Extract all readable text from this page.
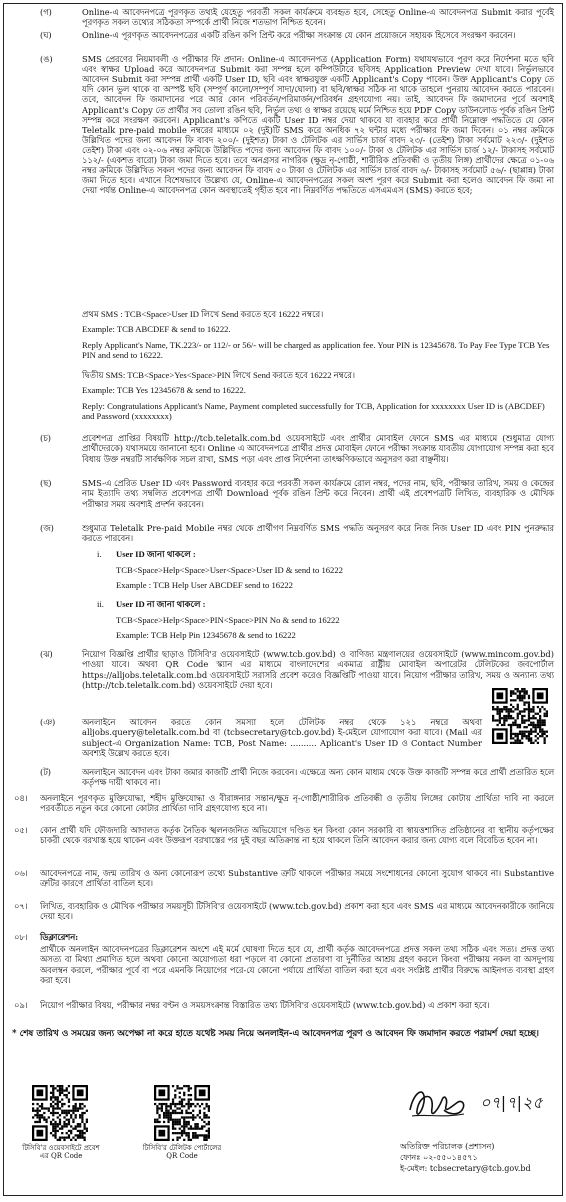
(গ)	Online-এ আবেদনপত্রে পূরণকৃত তথ্যই যেহেতু পরবর্তী সকল কার্যক্রমে ব্যবহৃত হবে, সেহেতু Online-এ আবেদনপত্র Submit করার পূর্বেই পূরণকৃত সকল তথ্যের সঠিকতা সম্পর্কে প্রার্থী নিজে শতভাগ নিশ্চিত হবেন।
(ঘ)	Online-এ পূরণকৃত আবেদনপত্রের একটি রঙিন কপি প্রিন্ট করে পরীক্ষা সংক্রান্ত যে কোন প্রয়োজনে সহায়ক হিসেবে সংরক্ষণ করবেন।
(ঙ)	SMS প্রেরণের নিয়মাবলী ও পরীক্ষার ফি প্রদান: Online-এ আবেদনপত্র (Application Form) যথাযথভাবে পূরণ করে নির্দেশনা মতে ছবি এবং স্বাক্ষর Upload করে আবেদনপত্র Submit করা সম্পন্ন হলে কম্পিউটারে ছবিসহ Application Preview দেখা যাবে। নির্ভুলভাবে আবেদন Submit করা সম্পন্ন প্রার্থী একটি User ID, ছবি এবং স্বাক্ষরযুক্ত একটি Applicant's Copy পাবেন। উক্ত Applicant's Copy তে যদি কোন ভুল থাকে বা অস্পষ্ট ছবি (সম্পূর্ণ কালো/সম্পূর্ণ সাদা/ঘোলা) বা ছবি/স্বাক্ষর সঠিক না থাকে তাহলে পুনরায় আবেদন করতে পারবেন। তবে, আবেদন ফি জমাদানের পরে আর কোন পরিবর্তন/পরিমার্জন/পরিবর্ধন গ্রহণযোগ্য নয়। তাই, আবেদন ফি জমাদানের পূর্বে অবশ্যই Applicant's Copy তে প্রার্থীর সব তোলা রঙিন ছবি, নির্ভুল তথ্য ও স্বাক্ষর রয়েছে মর্মে নিশ্চিত হয়ে PDF Copy ডাউনলোড পূর্বক রঙিন প্রিন্ট সম্পন্ন করে সংরক্ষণ করবেন। Applicant's কপিতে একটি User ID নম্বর দেয়া থাকবে যা ব্যবহার করে প্রার্থী নিম্নোক্ত পদ্ধতিতে যে কোন Teletalk pre-paid mobile নম্বরের মাধ্যমে ০২ (দুই)টি SMS করে অনধিক ৭২ ঘন্টার মধ্যে পরীক্ষার ফি জমা দিবেন। ০১ নম্বর ক্রমিকে উল্লিখিত পদের জন্য আবেদন ফি বাবদ ২০০/- (দুইশত) টাকা ও টেলিটক এর সার্ভিস চার্জ বাবদ ২৩/- (তেইশ) টাকা সর্বমোট ২২৩/- (দুইশত তেইশ) টাকা এবং ০২-০৬ নম্বর ক্রমিকে উল্লিখিত পদের জন্য আবেদন ফি বাবদ ১০০/- টাকা ও টেলিটক এর সার্ভিস চার্জ ১২/- টাকাসহ সর্বমোট ১১২/- (একশত বারো) টাকা জমা দিতে হবে। তবে অনগ্রসর নাগরিক (ক্ষুদ্র নৃ-গোষ্ঠী, শারীরিক প্রতিবন্ধী ও তৃতীয় লিঙ্গ) প্রার্থীদের ক্ষেত্রে ০১-০৬ নম্বর ক্রমিকে উল্লিখিত সকল পদের জন্য আবেদন ফি বাবদ ৫০ টাকা ও টেলিটক এর সার্ভিস চার্জ বাবদ ৬/- টাকাসহ সর্বমোট ৫৬/- (ছাপ্পান্ন) টাকা জমা দিতে হবে। এখানে বিশেষভাবে উল্লেখ্য যে, Online-এ আবেদনপত্রের সকল অংশ পূরণ করে Submit করা হলেও আবেদন ফি জমা না দেয়া পর্যন্ত Online-এ আবেদনপত্র কোন অবস্থাতেই গৃহীত হবে না। নিম্নবর্ণিত পদ্ধতিতে এসএমএস (SMS) করতে হবে;
প্রথম SMS : TCB<Space>User ID লিখে Send করতে হবে 16222 নম্বরে।
Example: TCB ABCDEF & send to 16222.
Reply Applicant's Name, TK.223/- or 112/- or 56/- will be charged as application fee. Your PIN is 12345678. To Pay Fee Type TCB Yes PIN and send to 16222.
দ্বিতীয় SMS: TCB<Space>Yes<Space>PIN লিখে Send করতে হবে 16222 নম্বরে।
Example: TCB Yes 12345678 & send to 16222.
Reply: Congratulations Applicant's Name, Payment completed successfully for TCB, Application for xxxxxxxx User ID is (ABCDEF) and Password (xxxxxxxx)
(চ)	প্রবেশপত্র প্রাপ্তির বিষয়টি http://tcb.teletalk.com.bd ওয়েবসাইটে এবং প্রার্থীর মোবাইল ফোনে SMS এর মাধ্যমে (শুধুমাত্র যোগ্য প্রার্থীদেরকে) যথাসময়ে জানানো হবে। Online এ আবেদনপত্রে প্রার্থীর প্রদত্ত মোবাইল ফোনে পরীক্ষা সংক্রান্ত যাবতীয় যোগাযোগ সম্পন্ন করা হবে বিধায় উক্ত নম্বরটি সার্বক্ষণিক সচল রাখা, SMS পড়া এবং প্রাপ্ত নির্দেশনা তাৎক্ষণিকভাবে অনুসরণ করা বাঞ্ছনীয়।
(ছ)	SMS-এ প্রেরিত User ID এবং Password ব্যবহার করে পরবর্তী সকল কার্যক্রমে রোল নম্বর, পদের নাম, ছবি, পরীক্ষার তারিখ, সময় ও কেন্দ্রের নাম ইত্যাদি তথ্য সম্বলিত প্রবেশপত্র প্রার্থী Download পূর্বক রঙিন প্রিন্ট করে নিবেন। প্রার্থী এই প্রবেশপত্রটি লিখিত, ব্যবহারিক ও মৌখিক পরীক্ষার সময় অবশ্যই প্রদর্শন করবেন।
(জ)	শুধুমাত্র Teletalk Pre-paid Mobile নম্বর থেকে প্রার্থীগণ নিম্নবর্ণিত SMS পদ্ধতি অনুসরণ করে নিজ নিজ User ID এবং PIN পুনরুদ্ধার করতে পারবেন।
i. User ID জানা থাকলে :
TCB<Space>Help<Space>User<Space>User ID & send to 16222
Example : TCB Help User ABCDEF send to 16222
ii. User ID না জানা থাকলে :
TCB<Space>Help<Space>PIN<Space>PIN No & send to 16222
Example: TCB Help Pin 12345678 & send to 16222
(ঝ)	নিয়োগ বিজ্ঞপ্তি প্রার্থীর ছাড়াও টিসিবি'র ওয়েবসাইটে (www.tcb.gov.bd) ও বাণিজ্য মন্ত্রণালয়ের ওয়েবসাইটে (www.mincom.gov.bd) পাওয়া যাবে। অথবা QR Code স্ক্যান এর মাধ্যমে বাংলাদেশের একমাত্র রাষ্ট্রীয় মোবাইল অপারেটর টেলিটকের জবপোর্টাল https://alljobs.teletalk.com.bd ওয়েবসাইটে সরাসরি প্রবেশ করেও বিজ্ঞপ্তিটি পাওয়া যাবে। নিয়োগ পরীক্ষার তারিখ, সময় ও অন্যান্য তথ্য (http://tcb.teletalk.com.bd) ওয়েবসাইটে দেয়া হবে।
(ঞ)	অনলাইনে আবেদন করতে কোন সমস্যা হলে টেলিটক নম্বর থেকে ১২১ নম্বরে অথবা alljobs.query@teletalk.com.bd বা (tcbsecretary@tcb.gov.bd) ই-মেইলে যোগাযোগ করা যাবে। (Mail এর subject-এ Organization Name: TCB, Post Name: .......... Aplicant's User ID ও Contact Number অবশ্যই উল্লেখ করতে হবে।
(ট)	অনলাইনে আবেদন এবং টাকা জমার কাজটি প্রার্থী নিজে করবেন। এক্ষেত্রে অন্য কোন মাধ্যম থেকে উক্ত কাজটি সম্পন্ন করে প্রার্থী প্রতারিত হলে কর্তৃপক্ষ দায়ী থাকবে না।
০৪। অনলাইনে পূরণকৃত মুক্তিযোদ্ধা, শহীদ মুক্তিযোদ্ধা ও বীরাঙ্গনার সন্তান/ক্ষুদ্র নৃ-গোষ্ঠী/শারীরিক প্রতিবন্ধী ও তৃতীয় লিঙ্গের কোটায় প্রার্থিতা দাবি না করলে পরবর্তীতে নতুন করে কোনো কোটার প্রার্থিতা দাবি গ্রহণযোগ্য হবে না।
০৫। কোন প্রার্থী যদি ফৌজদারি আদালত কর্তৃক নৈতিক স্খলনজনিত অভিযোগে দণ্ডিত হন কিংবা কোন সরকারি বা স্বায়ত্তশাসিত প্রতিষ্ঠানের বা স্থানীয় কর্তৃপক্ষের চাকরী থেকে বরখাস্ত হয়ে থাকেন এবং উক্তরূপ বরখাস্তের পর দুই বছর অতিক্রান্ত না হয়ে থাকলে তিনি আবেদন করার জন্য যোগ্য বলে বিবেচিত হবেন না।
০৬। আবেদনপত্রে নাম, জন্ম তারিখ ও অন্য কোনোরূপ তথ্যে Substantive ত্রুটি থাকলে পরীক্ষার সময়ে সংশোধনের কোনো সুযোগ থাকবে না। Substantive ত্রুটির কারণে প্রার্থিতা বাতিল হবে।
০৭। লিখিত, ব্যবহারিক ও মৌখিক পরীক্ষার সময়সূচী টিসিবি'র ওয়েবসাইটে (www.tcb.gov.bd) প্রকাশ করা হবে এবং SMS এর মাধ্যমে আবেদনকারীকে জানিয়ে দেয়া হবে।
০৮। ডিক্লারেশন:
প্রার্থীকে অনলাইন আবেদনপত্রের ডিক্লারেশন অংশে এই মর্মে ঘোষণা দিতে হবে যে, প্রার্থী কর্তৃক আবেদনপত্রে প্রদত্ত সকল তথ্য সঠিক এবং সত্য। প্রদত্ত তথ্য অসত্য বা মিথ্যা প্রমাণিত হলে অথবা কোনো অযোগ্যতা ধরা পড়লে বা কোনো প্রতারণা বা দুর্নীতির আশ্রয় গ্রহণ করলে কিংবা পরীক্ষায় নকল বা অসদুপায় অবলম্বন করলে, পরীক্ষার পূর্বে বা পরে এমনকি নিয়োগের পরে-যে কোনো পর্যায়ে প্রার্থিতা বাতিল করা হবে এবং সংশ্লিষ্ট প্রার্থীর বিরুদ্ধে আইনগত ব্যবস্থা গ্রহণ করা হবে।
০৯। নিয়োগ পরীক্ষার বিষয়, পরীক্ষার নম্বর বণ্টন ও সময়সংক্রান্ত বিস্তারিত তথ্য টিসিবি'র ওয়েবসাইটে (www.tcb.gov.bd) এ প্রকাশ করা হবে।
* শেষ তারিখ ও সময়ের জন্য অপেক্ষা না করে হাতে যথেষ্ট সময় নিয়ে অনলাইন-এ আবেদনপত্র পূরণ ও আবেদন ফি জমাদান করতে পরামর্শ দেয়া হচ্ছে।
টিসিবি'র ওয়েবসাইটে প্রবেশ এর QR Code
টিসিবি'র টেলিটক পোর্টালের QR Code
০৭|৭|২৫
অতিরিক্ত পরিচালক (প্রশাসন)
ফোনঃ ০২-৫৫০১৪৫৭১
ই-মেইল: tcbsecretary@tcb.gov.bd
